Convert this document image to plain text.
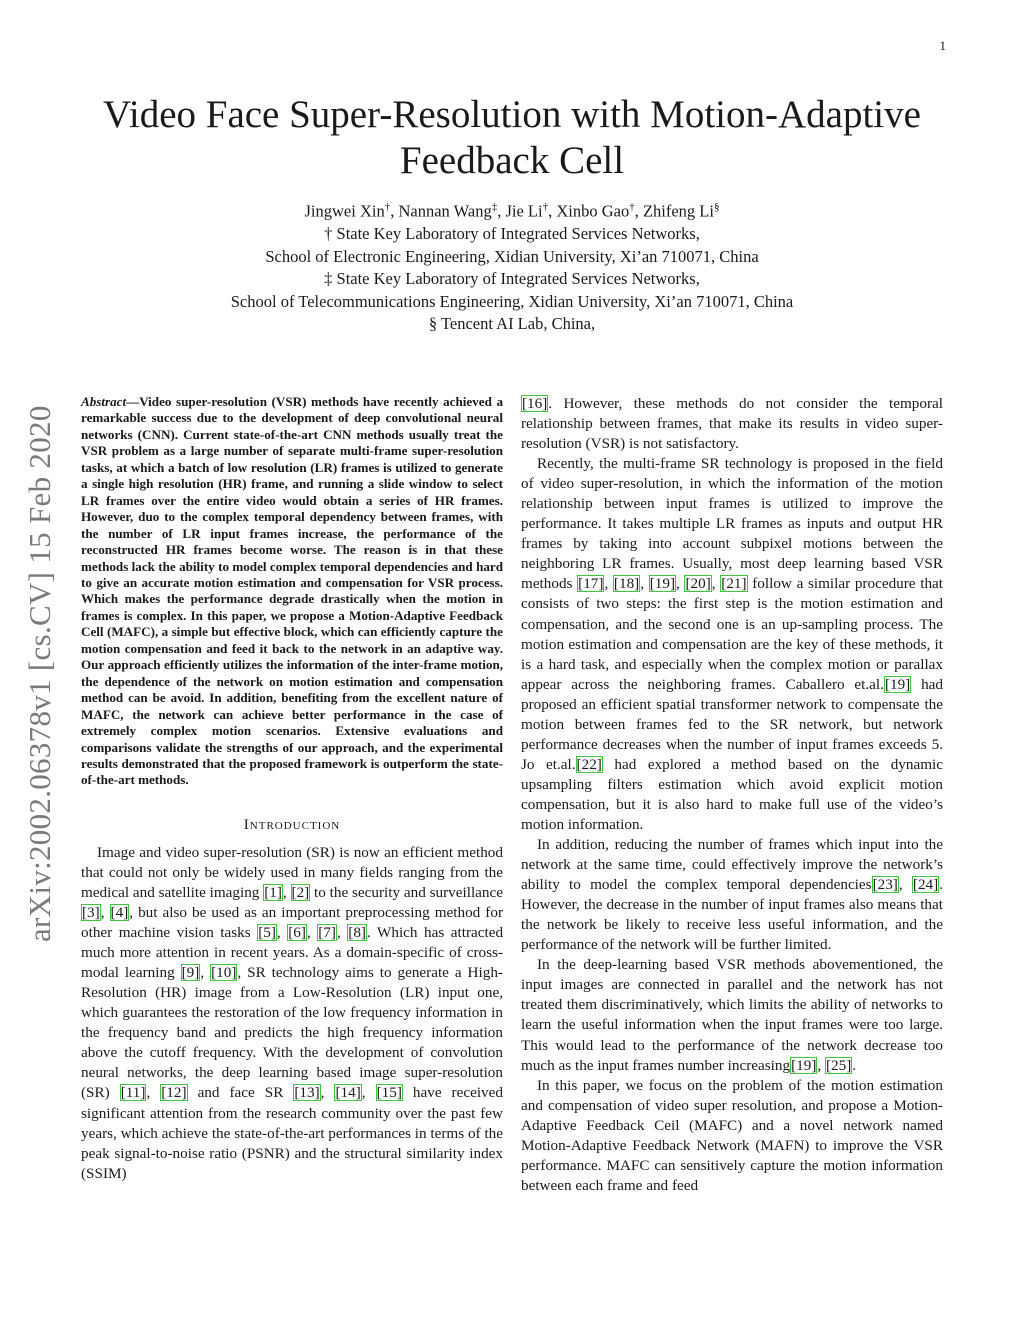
1
arXiv:2002.06378v1 [cs.CV] 15 Feb 2020
Video Face Super-Resolution with Motion-Adaptive Feedback Cell
Jingwei Xin†, Nannan Wang‡, Jie Li†, Xinbo Gao†, Zhifeng Li§
† State Key Laboratory of Integrated Services Networks,
School of Electronic Engineering, Xidian University, Xi’an 710071, China
‡ State Key Laboratory of Integrated Services Networks,
School of Telecommunications Engineering, Xidian University, Xi’an 710071, China
§ Tencent AI Lab, China,

Abstract—Video super-resolution (VSR) methods have recently achieved a remarkable success due to the development of deep convolutional neural networks (CNN). Current state-of-the-art CNN methods usually treat the VSR problem as a large number of separate multi-frame super-resolution tasks, at which a batch of low resolution (LR) frames is utilized to generate a single high resolution (HR) frame, and running a slide window to select LR frames over the entire video would obtain a series of HR frames. However, duo to the complex temporal dependency between frames, with the number of LR input frames increase, the performance of the reconstructed HR frames become worse. The reason is in that these methods lack the ability to model complex temporal dependencies and hard to give an accurate motion estimation and compensation for VSR process. Which makes the performance degrade drastically when the motion in frames is complex. In this paper, we propose a Motion-Adaptive Feedback Cell (MAFC), a simple but effective block, which can efficiently capture the motion compensation and feed it back to the network in an adaptive way. Our approach efficiently utilizes the information of the inter-frame motion, the dependence of the network on motion estimation and compensation method can be avoid. In addition, benefiting from the excellent nature of MAFC, the network can achieve better performance in the case of extremely complex motion scenarios. Extensive evaluations and comparisons validate the strengths of our approach, and the experimental results demonstrated that the proposed framework is outperform the state-of-the-art methods.

Introduction

Image and video super-resolution (SR) is now an efficient method that could not only be widely used in many fields ranging from the medical and satellite imaging [1], [2] to the security and surveillance [3], [4], but also be used as an important preprocessing method for other machine vision tasks [5], [6], [7], [8]. Which has attracted much more attention in recent years. As a domain-specific of cross-modal learning [9], [10], SR technology aims to generate a High-Resolution (HR) image from a Low-Resolution (LR) input one, which guarantees the restoration of the low frequency information in the frequency band and predicts the high frequency information above the cutoff frequency. With the development of convolution neural networks, the deep learning based image super-resolution (SR) [11], [12] and face SR [13], [14], [15] have received significant attention from the research community over the past few years, which achieve the state-of-the-art performances in terms of the peak signal-to-noise ratio (PSNR) and the structural similarity index (SSIM)

[16]. However, these methods do not consider the temporal relationship between frames, that make its results in video super-resolution (VSR) is not satisfactory.

Recently, the multi-frame SR technology is proposed in the field of video super-resolution, in which the information of the motion relationship between input frames is utilized to improve the performance. It takes multiple LR frames as inputs and output HR frames by taking into account subpixel motions between the neighboring LR frames. Usually, most deep learning based VSR methods [17], [18], [19], [20], [21] follow a similar procedure that consists of two steps: the first step is the motion estimation and compensation, and the second one is an up-sampling process. The motion estimation and compensation are the key of these methods, it is a hard task, and especially when the complex motion or parallax appear across the neighboring frames. Caballero et.al.[19] had proposed an efficient spatial transformer network to compensate the motion between frames fed to the SR network, but network performance decreases when the number of input frames exceeds 5. Jo et.al.[22] had explored a method based on the dynamic upsampling filters estimation which avoid explicit motion compensation, but it is also hard to make full use of the video’s motion information.

In addition, reducing the number of frames which input into the network at the same time, could effectively improve the network’s ability to model the complex temporal dependencies[23], [24]. However, the decrease in the number of input frames also means that the network be likely to receive less useful information, and the performance of the network will be further limited.

In the deep-learning based VSR methods abovementioned, the input images are connected in parallel and the network has not treated them discriminatively, which limits the ability of networks to learn the useful information when the input frames were too large. This would lead to the performance of the network decrease too much as the input frames number increasing[19], [25].

In this paper, we focus on the problem of the motion estimation and compensation of video super resolution, and propose a Motion-Adaptive Feedback Ceil (MAFC) and a novel network named Motion-Adaptive Feedback Network (MAFN) to improve the VSR performance. MAFC can sensitively capture the motion information between each frame and feed
